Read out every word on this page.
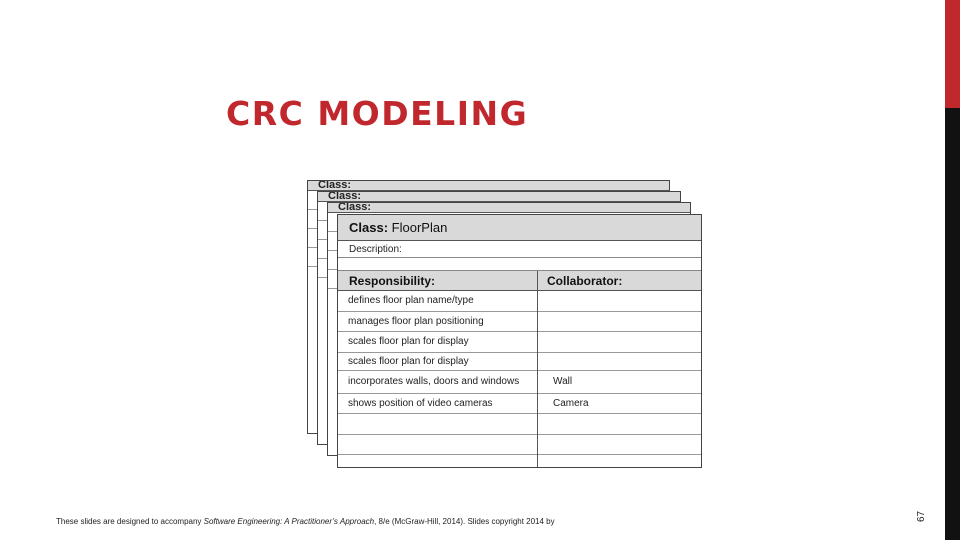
CRC MODELING
Class:
Class:
Class:
Class: FloorPlan
Description:
Responsibility:	Collaborator:
defines floor plan name/type
manages floor plan positioning
scales floor plan for display
scales floor plan for display
incorporates walls, doors and windows	Wall
shows position of video cameras	Camera
These slides are designed to accompany Software Engineering: A Practitioner’s Approach, 8/e (McGraw-Hill, 2014). Slides copyright 2014 by	67
